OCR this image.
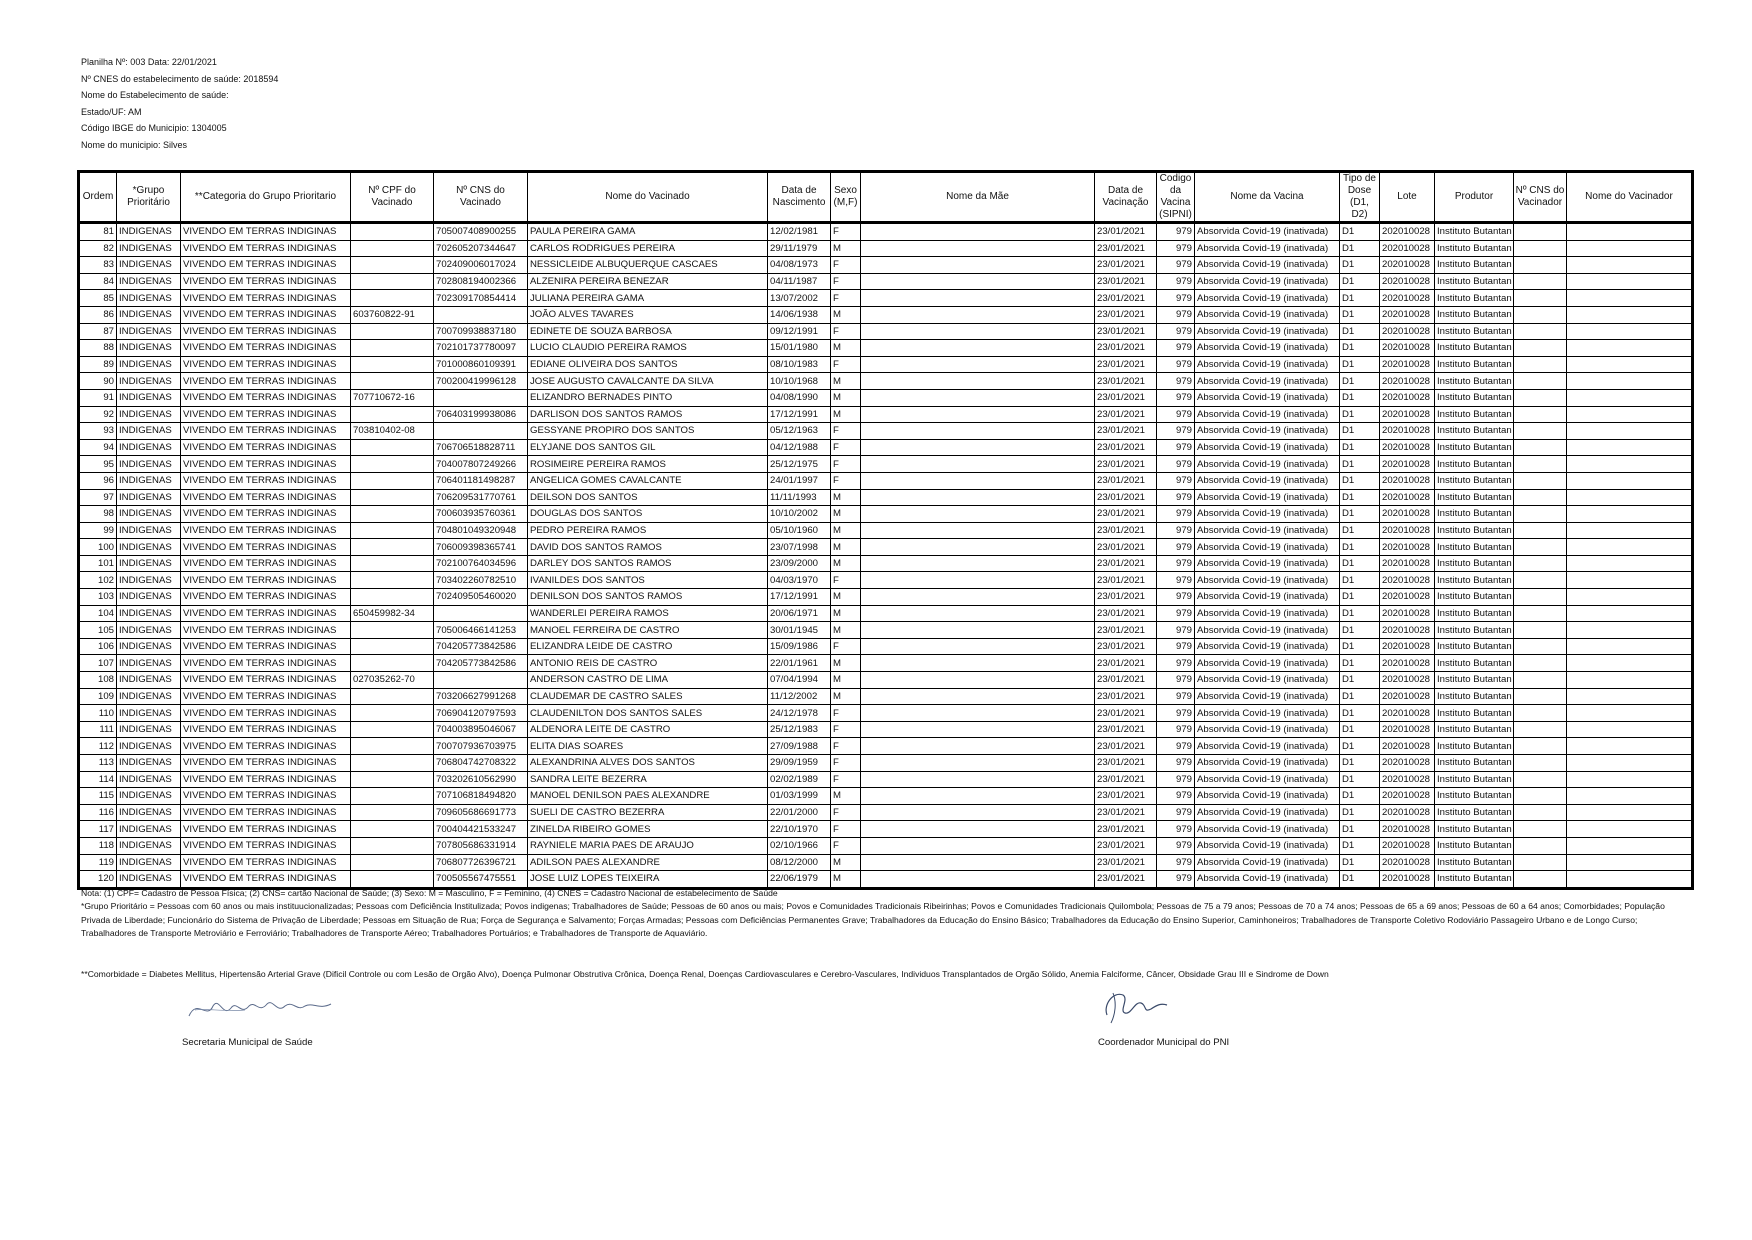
Planilha Nº: 003 Data: 22/01/2021
Nº CNES do estabelecimento de saúde: 2018594
Nome do Estabelecimento de saúde:
Estado/UF: AM
Código IBGE do Municipio: 1304005
Nome do municipio: Silves
Ordem	*Grupo Prioritário	**Categoria do Grupo Prioritario	Nº CPF do Vacinado	Nº CNS do Vacinado	Nome do Vacinado	Data de Nascimento	Sexo (M,F)	Nome da Mãe	Data de Vacinação	Codigo da Vacina (SIPNI)	Nome da Vacina	Tipo de Dose (D1, D2)	Lote	Produtor	Nº CNS do Vacinador	Nome do Vacinador
81	INDIGENAS	VIVENDO EM TERRAS INDIGINAS		705007408900255	PAULA PEREIRA GAMA	12/02/1981	F		23/01/2021	979	Absorvida Covid-19 (inativada)	D1	202010028	Instituto Butantan		
82	INDIGENAS	VIVENDO EM TERRAS INDIGINAS		702605207344647	CARLOS RODRIGUES PEREIRA	29/11/1979	M		23/01/2021	979	Absorvida Covid-19 (inativada)	D1	202010028	Instituto Butantan		
83	INDIGENAS	VIVENDO EM TERRAS INDIGINAS		702409006017024	NESSICLEIDE ALBUQUERQUE CASCAES	04/08/1973	F		23/01/2021	979	Absorvida Covid-19 (inativada)	D1	202010028	Instituto Butantan		
84	INDIGENAS	VIVENDO EM TERRAS INDIGINAS		702808194002366	ALZENIRA PEREIRA BENEZAR	04/11/1987	F		23/01/2021	979	Absorvida Covid-19 (inativada)	D1	202010028	Instituto Butantan		
85	INDIGENAS	VIVENDO EM TERRAS INDIGINAS		702309170854414	JULIANA PEREIRA GAMA	13/07/2002	F		23/01/2021	979	Absorvida Covid-19 (inativada)	D1	202010028	Instituto Butantan		
86	INDIGENAS	VIVENDO EM TERRAS INDIGINAS	603760822-91		JOÃO ALVES TAVARES	14/06/1938	M		23/01/2021	979	Absorvida Covid-19 (inativada)	D1	202010028	Instituto Butantan		
87	INDIGENAS	VIVENDO EM TERRAS INDIGINAS		700709938837180	EDINETE DE SOUZA BARBOSA	09/12/1991	F		23/01/2021	979	Absorvida Covid-19 (inativada)	D1	202010028	Instituto Butantan		
88	INDIGENAS	VIVENDO EM TERRAS INDIGINAS		702101737780097	LUCIO CLAUDIO PEREIRA RAMOS	15/01/1980	M		23/01/2021	979	Absorvida Covid-19 (inativada)	D1	202010028	Instituto Butantan		
89	INDIGENAS	VIVENDO EM TERRAS INDIGINAS		701000860109391	EDIANE OLIVEIRA DOS SANTOS	08/10/1983	F		23/01/2021	979	Absorvida Covid-19 (inativada)	D1	202010028	Instituto Butantan		
90	INDIGENAS	VIVENDO EM TERRAS INDIGINAS		700200419996128	JOSE AUGUSTO CAVALCANTE DA SILVA	10/10/1968	M		23/01/2021	979	Absorvida Covid-19 (inativada)	D1	202010028	Instituto Butantan		
91	INDIGENAS	VIVENDO EM TERRAS INDIGINAS	707710672-16		ELIZANDRO BERNADES PINTO	04/08/1990	M		23/01/2021	979	Absorvida Covid-19 (inativada)	D1	202010028	Instituto Butantan		
92	INDIGENAS	VIVENDO EM TERRAS INDIGINAS		706403199938086	DARLISON DOS SANTOS RAMOS	17/12/1991	M		23/01/2021	979	Absorvida Covid-19 (inativada)	D1	202010028	Instituto Butantan		
93	INDIGENAS	VIVENDO EM TERRAS INDIGINAS	703810402-08		GESSYANE PROPIRO DOS SANTOS	05/12/1963	F		23/01/2021	979	Absorvida Covid-19 (inativada)	D1	202010028	Instituto Butantan		
94	INDIGENAS	VIVENDO EM TERRAS INDIGINAS		706706518828711	ELYJANE DOS SANTOS GIL	04/12/1988	F		23/01/2021	979	Absorvida Covid-19 (inativada)	D1	202010028	Instituto Butantan		
95	INDIGENAS	VIVENDO EM TERRAS INDIGINAS		704007807249266	ROSIMEIRE PEREIRA RAMOS	25/12/1975	F		23/01/2021	979	Absorvida Covid-19 (inativada)	D1	202010028	Instituto Butantan		
96	INDIGENAS	VIVENDO EM TERRAS INDIGINAS		706401181498287	ANGELICA GOMES CAVALCANTE	24/01/1997	F		23/01/2021	979	Absorvida Covid-19 (inativada)	D1	202010028	Instituto Butantan		
97	INDIGENAS	VIVENDO EM TERRAS INDIGINAS		706209531770761	DEILSON DOS SANTOS	11/11/1993	M		23/01/2021	979	Absorvida Covid-19 (inativada)	D1	202010028	Instituto Butantan		
98	INDIGENAS	VIVENDO EM TERRAS INDIGINAS		700603935760361	DOUGLAS DOS SANTOS	10/10/2002	M		23/01/2021	979	Absorvida Covid-19 (inativada)	D1	202010028	Instituto Butantan		
99	INDIGENAS	VIVENDO EM TERRAS INDIGINAS		704801049320948	PEDRO PEREIRA RAMOS	05/10/1960	M		23/01/2021	979	Absorvida Covid-19 (inativada)	D1	202010028	Instituto Butantan		
100	INDIGENAS	VIVENDO EM TERRAS INDIGINAS		706009398365741	DAVID DOS SANTOS RAMOS	23/07/1998	M		23/01/2021	979	Absorvida Covid-19 (inativada)	D1	202010028	Instituto Butantan		
101	INDIGENAS	VIVENDO EM TERRAS INDIGINAS		702100764034596	DARLEY DOS SANTOS RAMOS	23/09/2000	M		23/01/2021	979	Absorvida Covid-19 (inativada)	D1	202010028	Instituto Butantan		
102	INDIGENAS	VIVENDO EM TERRAS INDIGINAS		703402260782510	IVANILDES DOS SANTOS	04/03/1970	F		23/01/2021	979	Absorvida Covid-19 (inativada)	D1	202010028	Instituto Butantan		
103	INDIGENAS	VIVENDO EM TERRAS INDIGINAS		702409505460020	DENILSON DOS SANTOS RAMOS	17/12/1991	M		23/01/2021	979	Absorvida Covid-19 (inativada)	D1	202010028	Instituto Butantan		
104	INDIGENAS	VIVENDO EM TERRAS INDIGINAS	650459982-34		WANDERLEI PEREIRA RAMOS	20/06/1971	M		23/01/2021	979	Absorvida Covid-19 (inativada)	D1	202010028	Instituto Butantan		
105	INDIGENAS	VIVENDO EM TERRAS INDIGINAS		705006466141253	MANOEL FERREIRA DE CASTRO	30/01/1945	M		23/01/2021	979	Absorvida Covid-19 (inativada)	D1	202010028	Instituto Butantan		
106	INDIGENAS	VIVENDO EM TERRAS INDIGINAS		704205773842586	ELIZANDRA LEIDE DE CASTRO	15/09/1986	F		23/01/2021	979	Absorvida Covid-19 (inativada)	D1	202010028	Instituto Butantan		
107	INDIGENAS	VIVENDO EM TERRAS INDIGINAS		704205773842586	ANTONIO REIS DE CASTRO	22/01/1961	M		23/01/2021	979	Absorvida Covid-19 (inativada)	D1	202010028	Instituto Butantan		
108	INDIGENAS	VIVENDO EM TERRAS INDIGINAS	027035262-70		ANDERSON CASTRO DE LIMA	07/04/1994	M		23/01/2021	979	Absorvida Covid-19 (inativada)	D1	202010028	Instituto Butantan		
109	INDIGENAS	VIVENDO EM TERRAS INDIGINAS		703206627991268	CLAUDEMAR DE CASTRO SALES	11/12/2002	M		23/01/2021	979	Absorvida Covid-19 (inativada)	D1	202010028	Instituto Butantan		
110	INDIGENAS	VIVENDO EM TERRAS INDIGINAS		706904120797593	CLAUDENILTON DOS SANTOS SALES	24/12/1978	F		23/01/2021	979	Absorvida Covid-19 (inativada)	D1	202010028	Instituto Butantan		
111	INDIGENAS	VIVENDO EM TERRAS INDIGINAS		704003895046067	ALDENORA LEITE DE CASTRO	25/12/1983	F		23/01/2021	979	Absorvida Covid-19 (inativada)	D1	202010028	Instituto Butantan		
112	INDIGENAS	VIVENDO EM TERRAS INDIGINAS		700707936703975	ELITA DIAS SOARES	27/09/1988	F		23/01/2021	979	Absorvida Covid-19 (inativada)	D1	202010028	Instituto Butantan		
113	INDIGENAS	VIVENDO EM TERRAS INDIGINAS		706804742708322	ALEXANDRINA ALVES DOS SANTOS	29/09/1959	F		23/01/2021	979	Absorvida Covid-19 (inativada)	D1	202010028	Instituto Butantan		
114	INDIGENAS	VIVENDO EM TERRAS INDIGINAS		703202610562990	SANDRA LEITE BEZERRA	02/02/1989	F		23/01/2021	979	Absorvida Covid-19 (inativada)	D1	202010028	Instituto Butantan		
115	INDIGENAS	VIVENDO EM TERRAS INDIGINAS		707106818494820	MANOEL DENILSON PAES ALEXANDRE	01/03/1999	M		23/01/2021	979	Absorvida Covid-19 (inativada)	D1	202010028	Instituto Butantan		
116	INDIGENAS	VIVENDO EM TERRAS INDIGINAS		709605686691773	SUELI DE CASTRO BEZERRA	22/01/2000	F		23/01/2021	979	Absorvida Covid-19 (inativada)	D1	202010028	Instituto Butantan		
117	INDIGENAS	VIVENDO EM TERRAS INDIGINAS		700404421533247	ZINELDA RIBEIRO GOMES	22/10/1970	F		23/01/2021	979	Absorvida Covid-19 (inativada)	D1	202010028	Instituto Butantan		
118	INDIGENAS	VIVENDO EM TERRAS INDIGINAS		707805686331914	RAYNIELE MARIA PAES DE ARAUJO	02/10/1966	F		23/01/2021	979	Absorvida Covid-19 (inativada)	D1	202010028	Instituto Butantan		
119	INDIGENAS	VIVENDO EM TERRAS INDIGINAS		706807726396721	ADILSON PAES ALEXANDRE	08/12/2000	M		23/01/2021	979	Absorvida Covid-19 (inativada)	D1	202010028	Instituto Butantan		
120	INDIGENAS	VIVENDO EM TERRAS INDIGINAS		700505567475551	JOSE LUIZ LOPES TEIXEIRA	22/06/1979	M		23/01/2021	979	Absorvida Covid-19 (inativada)	D1	202010028	Instituto Butantan		

Nota: (1) CPF= Cadastro de Pessoa Física; (2) CNS= cartão Nacional de Saúde; (3) Sexo: M = Masculino, F = Feminino, (4) CNES = Cadastro Nacional de estabelecimento de Saúde

*Grupo Prioritário = Pessoas com 60 anos ou mais instituucionalizadas; Pessoas com Deficiência Institulizada; Povos indigenas; Trabalhadores de Saúde; Pessoas de 60 anos ou mais; Povos e Comunidades Tradicionais Ribeirinhas; Povos e Comunidades Tradicionais Quilombola; Pessoas de 75 a 79 anos; Pessoas de 70 a 74 anos; Pessoas de 65 a 69 anos; Pessoas de 60 a 64 anos; Comorbidades; População Privada de Liberdade; Funcionário do Sistema de Privação de Liberdade; Pessoas em Situação de Rua; Força de Segurança e Salvamento; Forças Armadas; Pessoas com Deficiências Permanentes Grave; Trabalhadores da Educação do Ensino Básico; Trabalhadores da Educação do Ensino Superior, Caminhoneiros; Trabalhadores de Transporte Coletivo Rodoviário Passageiro Urbano e de Longo Curso; Trabalhadores de Transporte Metroviário e Ferroviário; Trabalhadores de Transporte Aéreo; Trabalhadores Portuários; e Trabalhadores de Transporte de Aquaviário.

**Comorbidade = Diabetes Mellitus, Hipertensão Arterial Grave (Dificil Controle ou com Lesão de Orgão Alvo), Doença Pulmonar Obstrutiva Crônica, Doença Renal, Doenças Cardiovasculares e Cerebro-Vasculares, Individuos Transplantados de Orgão Sólido, Anemia Falciforme, Câncer, Obsidade Grau III e Sindrome de Down
Secretaria Municipal de Saúde	Coordenador Municipal do PNI
